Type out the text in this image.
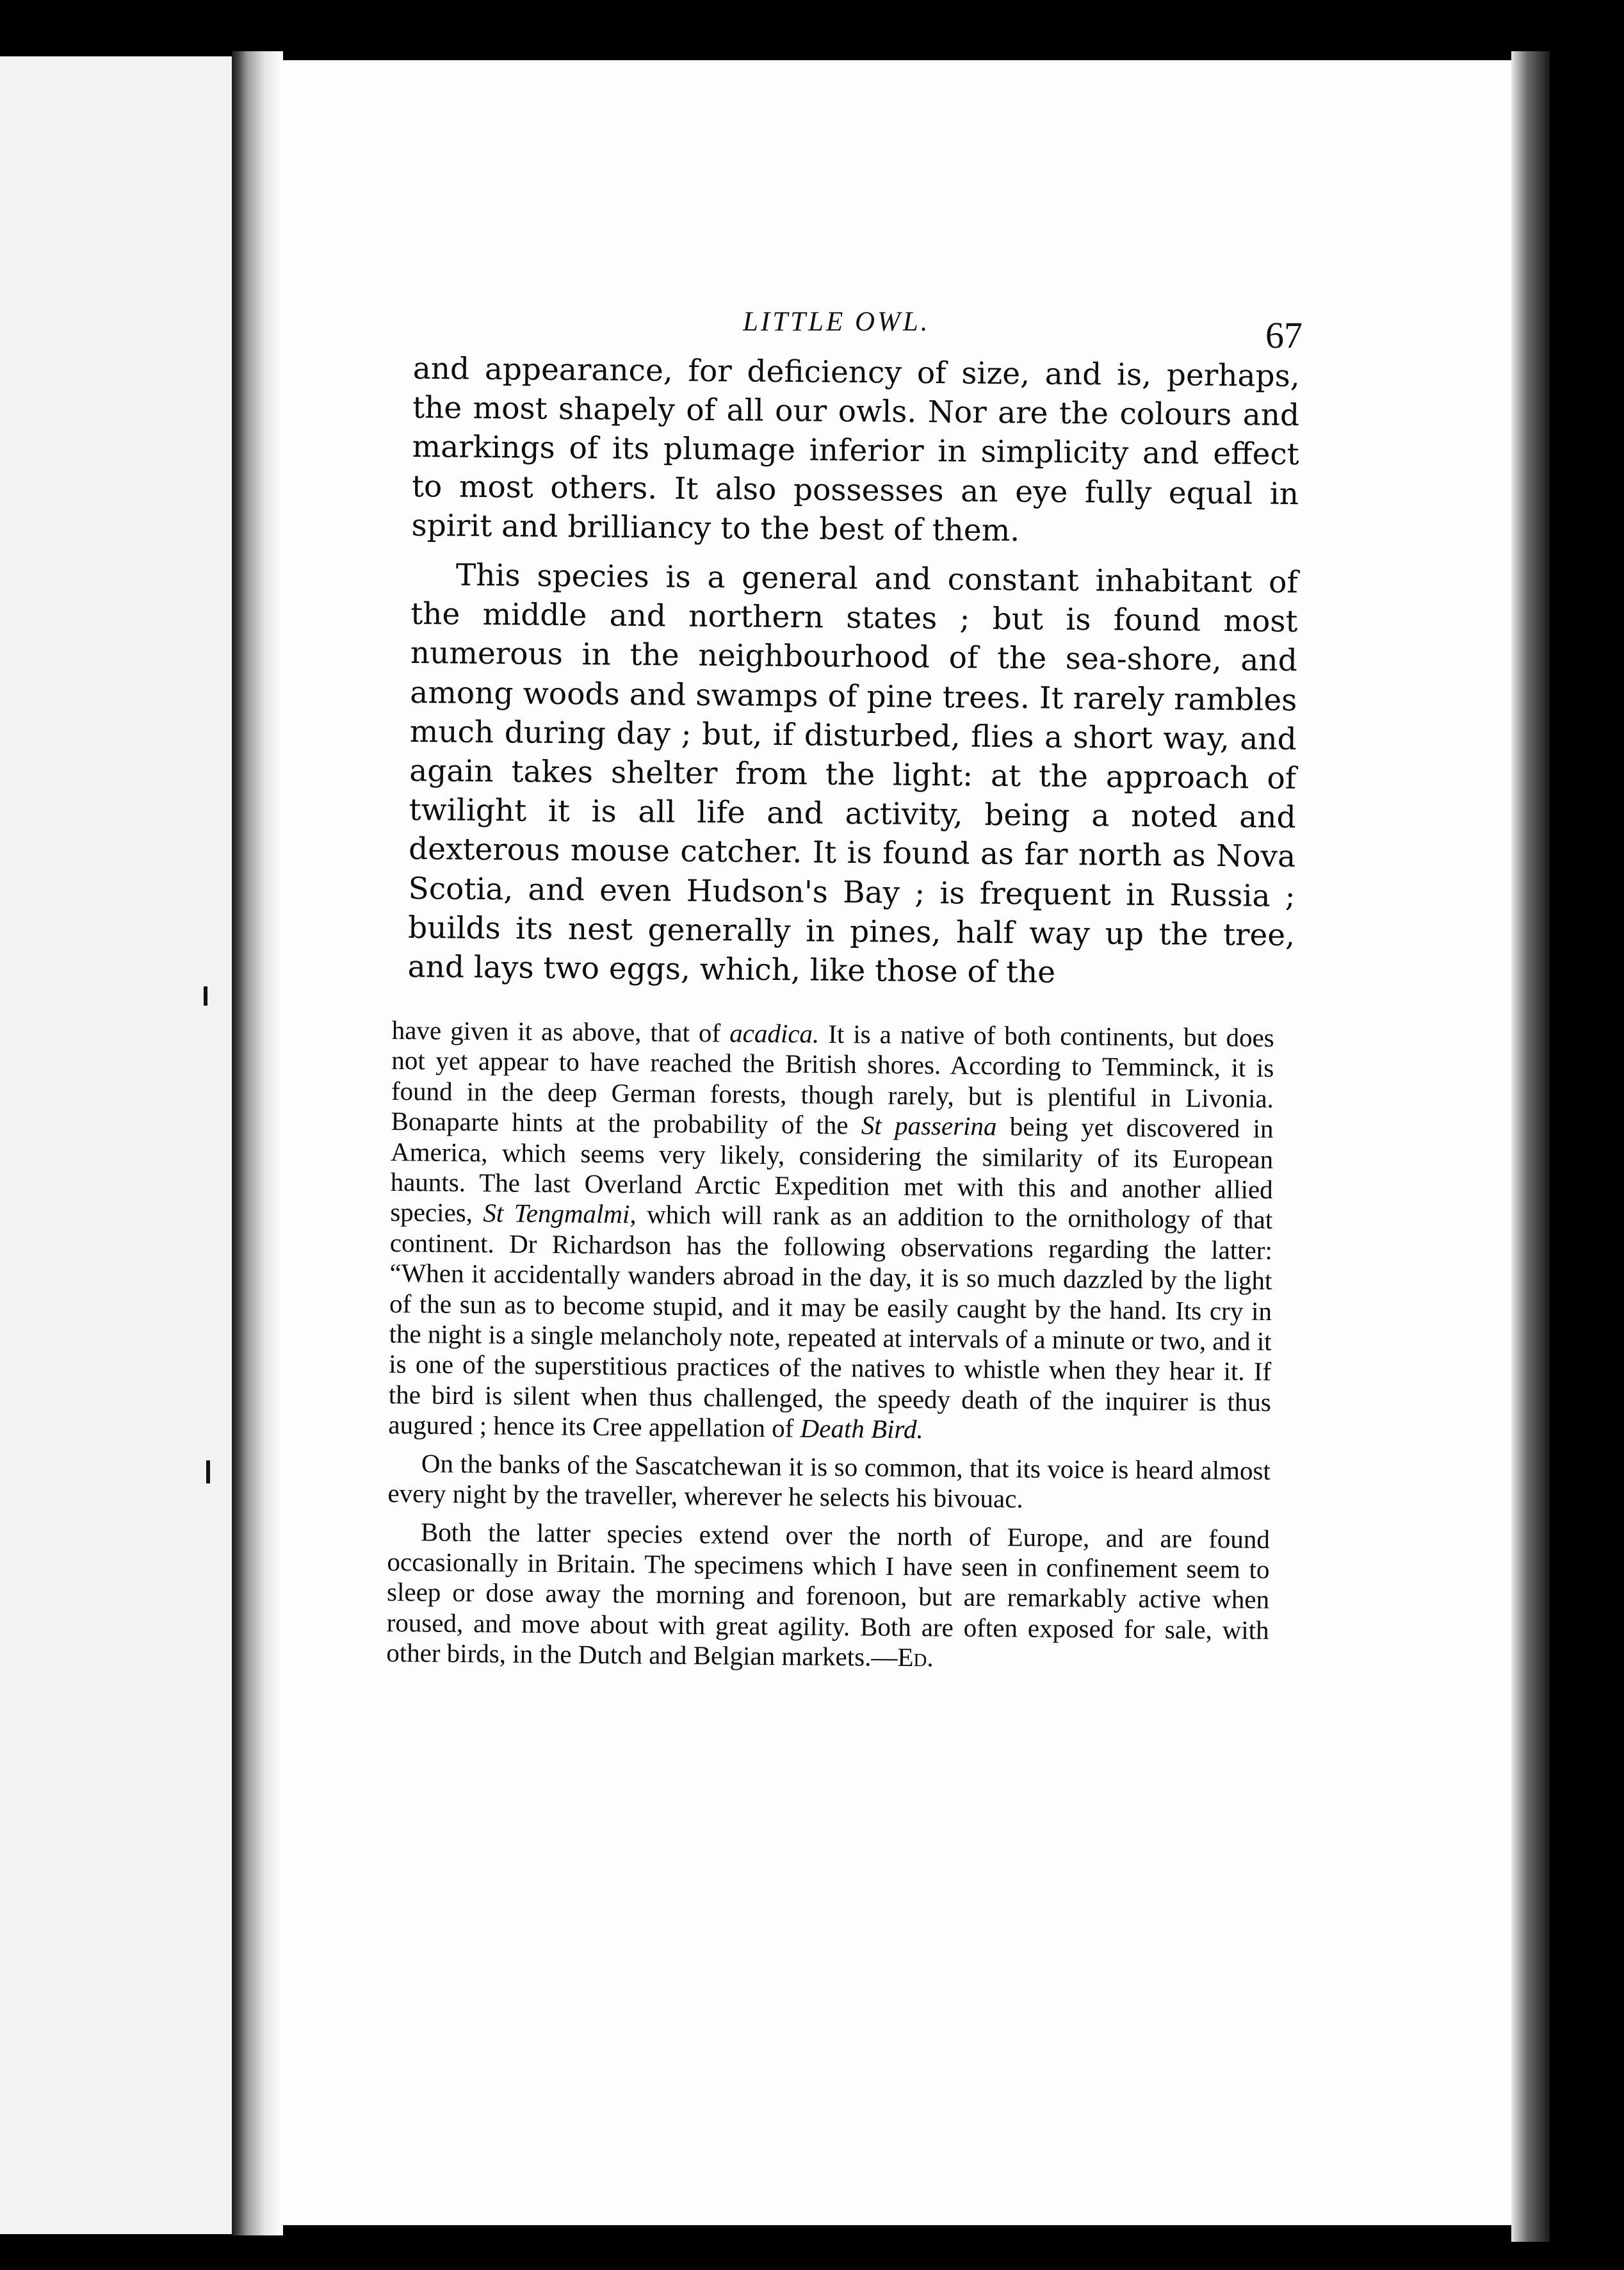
LITTLE OWL.	67

and appearance, for deficiency of size, and is, perhaps, the most shapely of all our owls. Nor are the colours and markings of its plumage inferior in simplicity and effect to most others. It also possesses an eye fully equal in spirit and brilliancy to the best of them.

This species is a general and constant inhabitant of the middle and northern states ; but is found most numerous in the neighbourhood of the sea-shore, and among woods and swamps of pine trees. It rarely rambles much during day ; but, if disturbed, flies a short way, and again takes shelter from the light: at the approach of twilight it is all life and activity, being a noted and dexterous mouse catcher. It is found as far north as Nova Scotia, and even Hudson's Bay ; is frequent in Russia ; builds its nest generally in pines, half way up the tree, and lays two eggs, which, like those of the

have given it as above, that of acadica. It is a native of both continents, but does not yet appear to have reached the British shores. According to Temminck, it is found in the deep German forests, though rarely, but is plentiful in Livonia. Bonaparte hints at the probability of the St passerina being yet discovered in America, which seems very likely, considering the similarity of its European haunts. The last Overland Arctic Expedition met with this and another allied species, St Tengmalmi, which will rank as an addition to the ornithology of that continent. Dr Richardson has the following observations regarding the latter: “When it accidentally wanders abroad in the day, it is so much dazzled by the light of the sun as to become stupid, and it may be easily caught by the hand. Its cry in the night is a single melancholy note, repeated at intervals of a minute or two, and it is one of the superstitious practices of the natives to whistle when they hear it. If the bird is silent when thus challenged, the speedy death of the inquirer is thus augured ; hence its Cree appellation of Death Bird.

On the banks of the Sascatchewan it is so common, that its voice is heard almost every night by the traveller, wherever he selects his bivouac.

Both the latter species extend over the north of Europe, and are found occasionally in Britain. The specimens which I have seen in confinement seem to sleep or dose away the morning and forenoon, but are remarkably active when roused, and move about with great agility. Both are often exposed for sale, with other birds, in the Dutch and Belgian markets.—Ed.
